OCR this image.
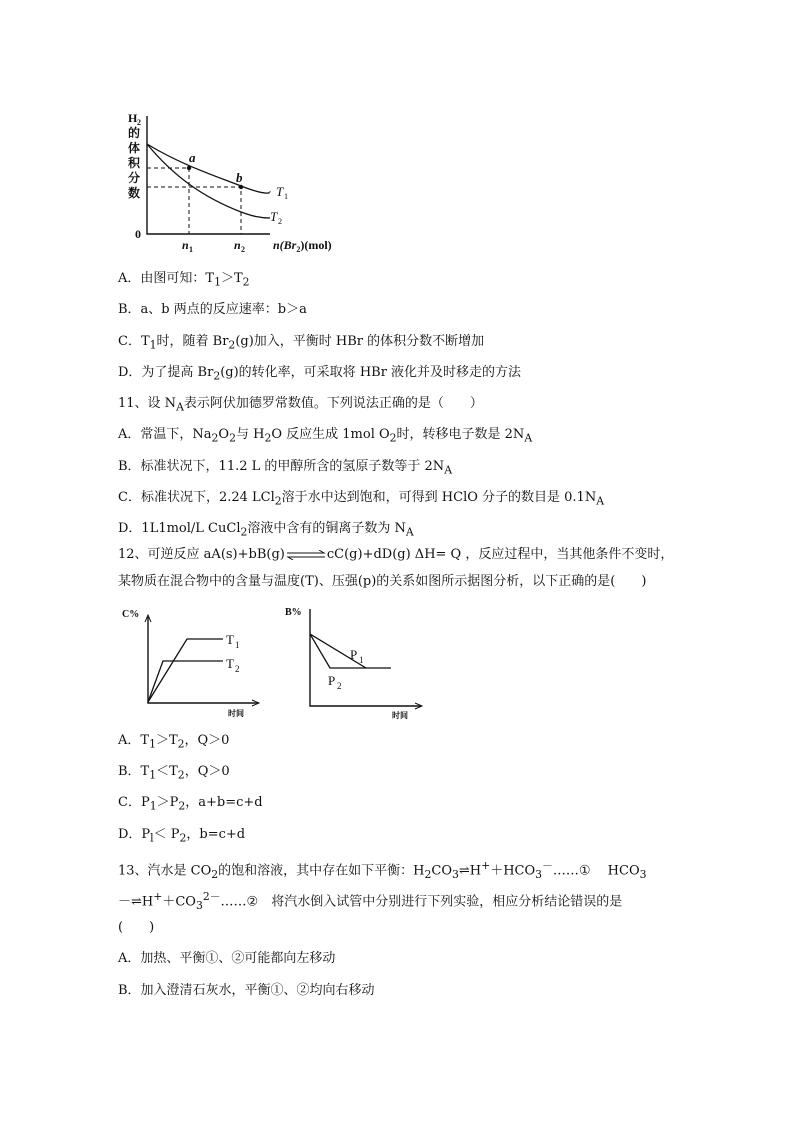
H 2
的
体
积
分
数
0
a
b
T 1
T 2
n 1	n 2 $n(Br_2)(mol)$
A．由图可知：$T_1>T_2$
B．a、b 两点的反应速率：b＞a
C．$T_1$时，随着 $Br_2(g)$加入，平衡时 HBr 的体积分数不断增加
D．为了提高 $Br_2(g)$的转化率，可采取将 HBr 液化并及时移走的方法
11、设 $N_A$表示阿伏加德罗常数值。下列说法正确的是（　　）
A．常温下，$Na_2O_2$与 $H_2O$ 反应生成 1mol $O_2$时，转移电子数是 $2N_A$
B．标准状况下，11.2 L 的甲醇所含的氢原子数等于 $2N_A$
C．标准状况下，2.24 LCl$_2$溶于水中达到饱和，可得到 HClO 分子的数目是 $0.1N_A$
D．1L1mol/L CuCl$_2$溶液中含有的铜离子数为 $N_A$
12、可逆反应 aA(s)+bB(g)⇌cC(g)+dD(g) ΔH= Q ，反应过程中，当其他条件不变时，
某物质在混合物中的含量与温度(T)、压强(p)的关系如图所示据图分析，以下正确的是(　　)
C%
T 1
T 2
时间
B%
P 1
P 2
时间
A．$T_1>T_2$，Q＞0
B．$T_1<T_2$，Q＞0
C．$P_1>P_2$，a+b=c+d
D．$P_l< P_2$，b=c+d
13、汽水是 $CO_2$的饱和溶液，其中存在如下平衡：$H_2CO_3\rightleftharpoons H^++HCO_3^-\dots\dots ①$　 $HCO_3$
$-\rightleftharpoons H^++CO_3^{2-}\dots\dots ②$　将汽水倒入试管中分别进行下列实验，相应分析结论错误的是
(　　)
A．加热、平衡①、②可能都向左移动
B．加入澄清石灰水，平衡①、②均向右移动
